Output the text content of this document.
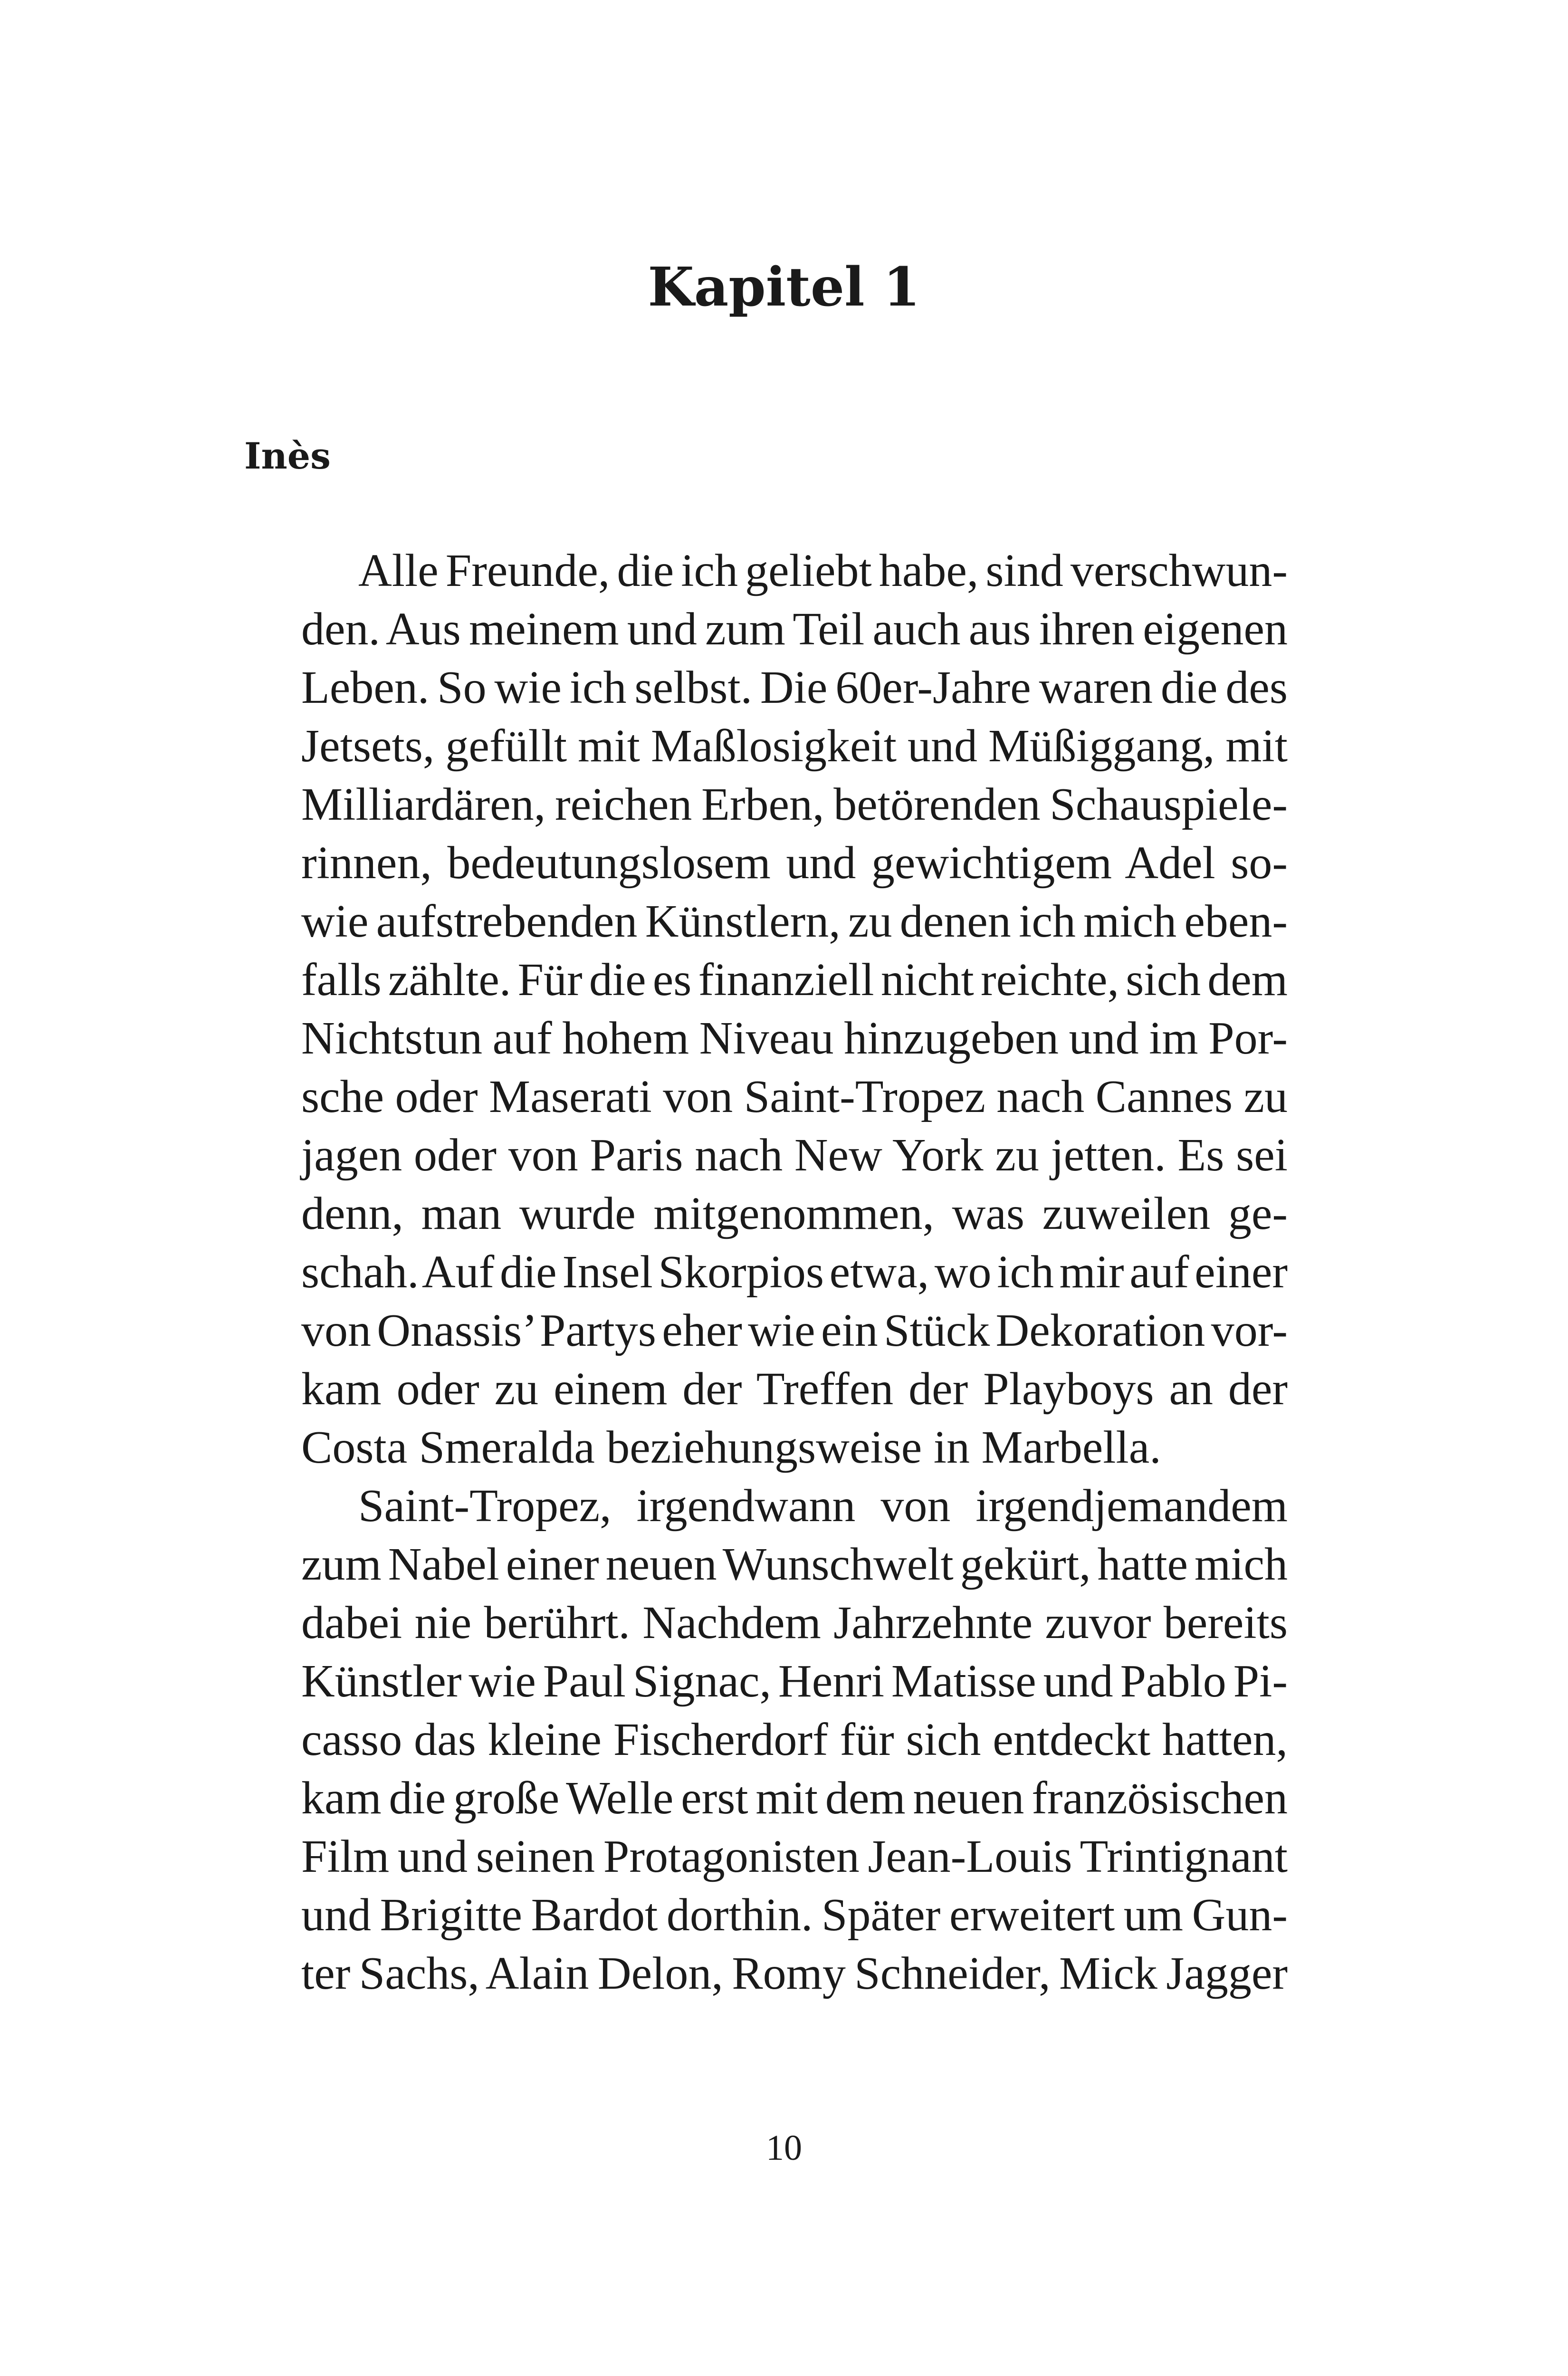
Kapitel 1
Inès
Alle Freunde, die ich geliebt habe, sind verschwun-
den. Aus meinem und zum Teil auch aus ihren eigenen
Leben. So wie ich selbst. Die 60er-Jahre waren die des
Jetsets, gefüllt mit Maßlosigkeit und Müßiggang, mit
Milliardären, reichen Erben, betörenden Schauspiele-
rinnen, bedeutungslosem und gewichtigem Adel so-
wie aufstrebenden Künstlern, zu denen ich mich eben-
falls zählte. Für die es finanziell nicht reichte, sich dem
Nichtstun auf hohem Niveau hinzugeben und im Por-
sche oder Maserati von Saint-Tropez nach Cannes zu
jagen oder von Paris nach New York zu jetten. Es sei
denn, man wurde mitgenommen, was zuweilen ge-
schah. Auf die Insel Skorpios etwa, wo ich mir auf einer
von Onassis’ Partys eher wie ein Stück Dekoration vor-
kam oder zu einem der Treffen der Playboys an der
Costa Smeralda beziehungsweise in Marbella.
Saint-Tropez, irgendwann von irgendjemandem
zum Nabel einer neuen Wunschwelt gekürt, hatte mich
dabei nie berührt. Nachdem Jahrzehnte zuvor bereits
Künstler wie Paul Signac, Henri Matisse und Pablo Pi-
casso das kleine Fischerdorf für sich entdeckt hatten,
kam die große Welle erst mit dem neuen französischen
Film und seinen Protagonisten Jean-Louis Trintignant
und Brigitte Bardot dorthin. Später erweitert um Gun-
ter Sachs, Alain Delon, Romy Schneider, Mick Jagger
10
